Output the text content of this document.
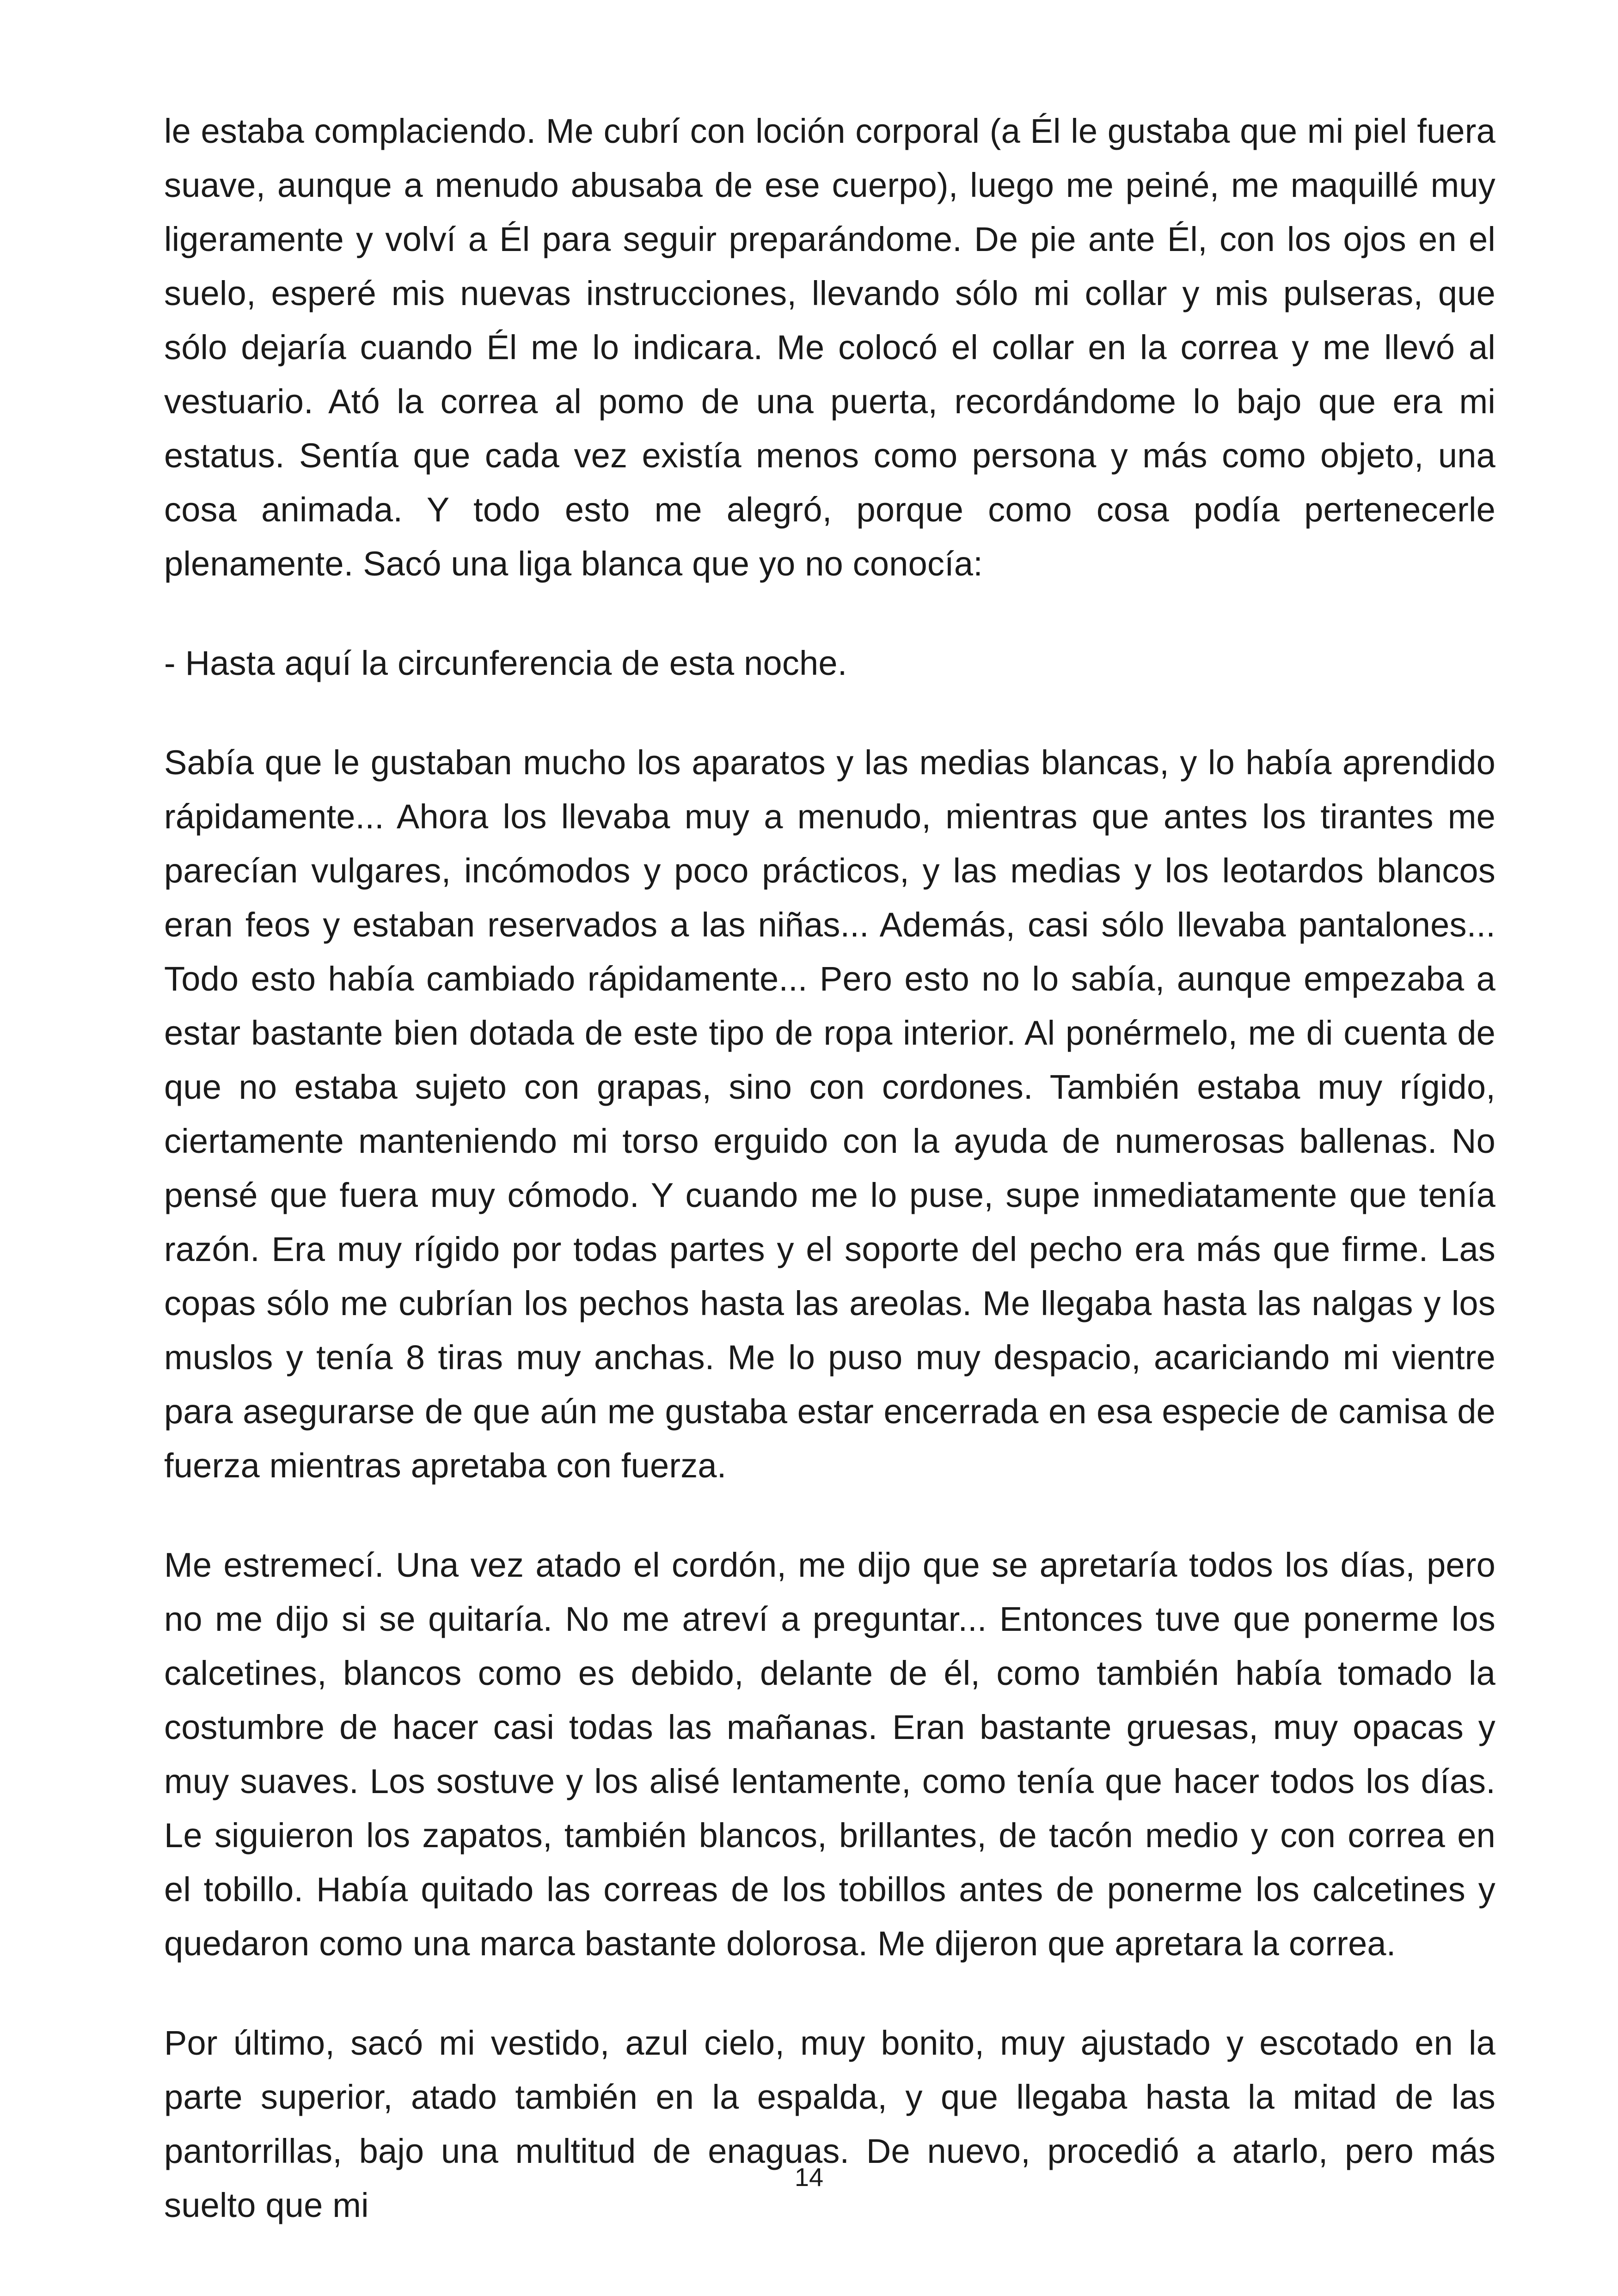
le estaba complaciendo. Me cubrí con loción corporal (a Él le gustaba que mi piel fuera suave, aunque a menudo abusaba de ese cuerpo), luego me peiné, me maquillé muy ligeramente y volví a Él para seguir preparándome. De pie ante Él, con los ojos en el suelo, esperé mis nuevas instrucciones, llevando sólo mi collar y mis pulseras, que sólo dejaría cuando Él me lo indicara. Me colocó el collar en la correa y me llevó al vestuario. Ató la correa al pomo de una puerta, recordándome lo bajo que era mi estatus. Sentía que cada vez existía menos como persona y más como objeto, una cosa animada. Y todo esto me alegró, porque como cosa podía pertenecerle plenamente. Sacó una liga blanca que yo no conocía:

- Hasta aquí la circunferencia de esta noche.

Sabía que le gustaban mucho los aparatos y las medias blancas, y lo había aprendido rápidamente... Ahora los llevaba muy a menudo, mientras que antes los tirantes me parecían vulgares, incómodos y poco prácticos, y las medias y los leotardos blancos eran feos y estaban reservados a las niñas... Además, casi sólo llevaba pantalones... Todo esto había cambiado rápidamente... Pero esto no lo sabía, aunque empezaba a estar bastante bien dotada de este tipo de ropa interior. Al ponérmelo, me di cuenta de que no estaba sujeto con grapas, sino con cordones. También estaba muy rígido, ciertamente manteniendo mi torso erguido con la ayuda de numerosas ballenas. No pensé que fuera muy cómodo. Y cuando me lo puse, supe inmediatamente que tenía razón. Era muy rígido por todas partes y el soporte del pecho era más que firme. Las copas sólo me cubrían los pechos hasta las areolas. Me llegaba hasta las nalgas y los muslos y tenía 8 tiras muy anchas. Me lo puso muy despacio, acariciando mi vientre para asegurarse de que aún me gustaba estar encerrada en esa especie de camisa de fuerza mientras apretaba con fuerza.

Me estremecí. Una vez atado el cordón, me dijo que se apretaría todos los días, pero no me dijo si se quitaría. No me atreví a preguntar... Entonces tuve que ponerme los calcetines, blancos como es debido, delante de él, como también había tomado la costumbre de hacer casi todas las mañanas. Eran bastante gruesas, muy opacas y muy suaves. Los sostuve y los alisé lentamente, como tenía que hacer todos los días. Le siguieron los zapatos, también blancos, brillantes, de tacón medio y con correa en el tobillo. Había quitado las correas de los tobillos antes de ponerme los calcetines y quedaron como una marca bastante dolorosa. Me dijeron que apretara la correa.

Por último, sacó mi vestido, azul cielo, muy bonito, muy ajustado y escotado en la parte superior, atado también en la espalda, y que llegaba hasta la mitad de las pantorrillas, bajo una multitud de enaguas. De nuevo, procedió a atarlo, pero más suelto que mi

14
